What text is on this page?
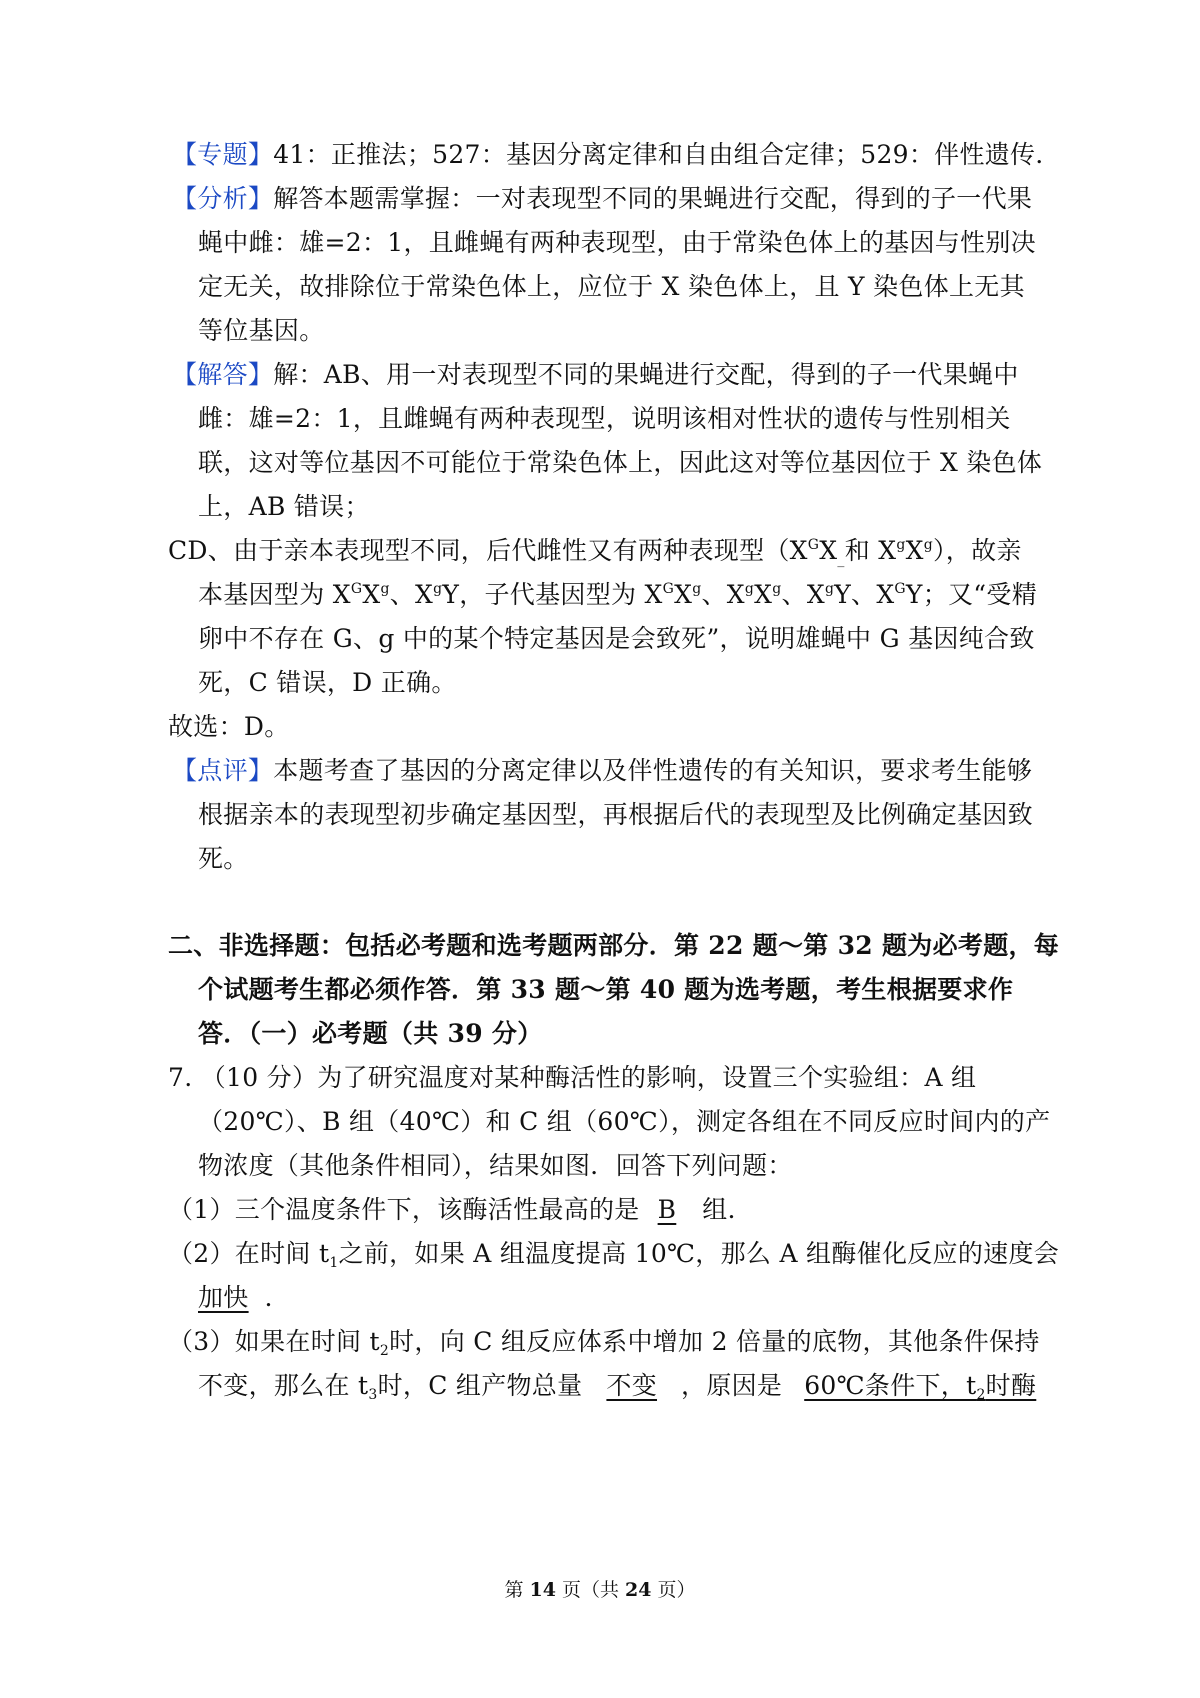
【专题】41：正推法；527：基因分离定律和自由组合定律；529：伴性遗传．
【分析】解答本题需掌握：一对表现型不同的果蝇进行交配，得到的子一代果
蝇中雌：雄=2：1，且雌蝇有两种表现型，由于常染色体上的基因与性别决
定无关，故排除位于常染色体上，应位于 X 染色体上，且 Y 染色体上无其
等位基因。
【解答】解：AB、用一对表现型不同的果蝇进行交配，得到的子一代果蝇中
雌：雄=2：1，且雌蝇有两种表现型，说明该相对性状的遗传与性别相关
联，这对等位基因不可能位于常染色体上，因此这对等位基因位于 X 染色体
上，AB 错误；
CD、由于亲本表现型不同，后代雌性又有两种表现型（$X^GX_{\_}$和 $X^gX^g$），故亲
本基因型为 $X^GX^g$、$X^gY$，子代基因型为 $X^GX^g$、$X^gX^g$、$X^gY$、$X^GY$；又“受精
卵中不存在 G、g 中的某个特定基因是会致死”，说明雄蝇中 G 基因纯合致
死，C 错误，D 正确。
故选：D。
【点评】本题考查了基因的分离定律以及伴性遗传的有关知识，要求考生能够
根据亲本的表现型初步确定基因型，再根据后代的表现型及比例确定基因致
死。
二、非选择题：包括必考题和选考题两部分．第 22 题～第 32 题为必考题，每
个试题考生都必须作答．第 33 题～第 40 题为选考题，考生根据要求作
答．（一）必考题（共 39 分）
7. （10 分）为了研究温度对某种酶活性的影响，设置三个实验组：A 组
（20℃）、B 组（40℃）和 C 组（60℃），测定各组在不同反应时间内的产
物浓度（其他条件相同），结果如图．回答下列问题：
（1）三个温度条件下，该酶活性最高的是 B 组．
（2）在时间 $t_1$之前，如果 A 组温度提高 10℃，那么 A 组酶催化反应的速度会
加快 ．
（3）如果在时间 $t_2$时，向 C 组反应体系中增加 2 倍量的底物，其他条件保持
不变，那么在 $t_3$时，C 组产物总量 不变 ，原因是 60℃条件下，$t_2$时酶
第 14 页（共 24 页）
